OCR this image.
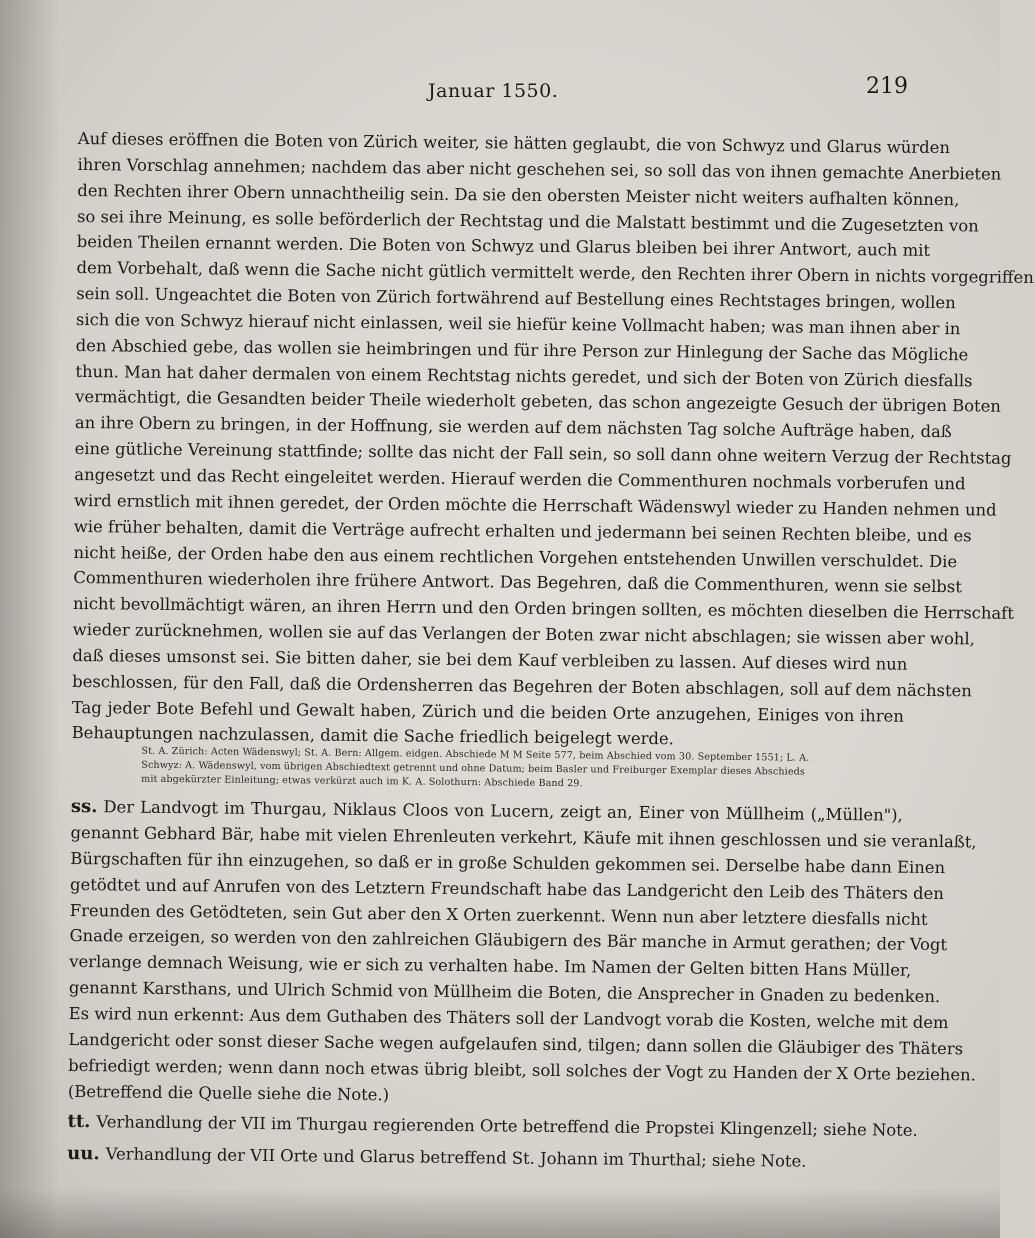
Januar 1550.	219
Auf dieses eröffnen die Boten von Zürich weiter, sie hätten geglaubt, die von Schwyz und Glarus würden
ihren Vorschlag annehmen; nachdem das aber nicht geschehen sei, so soll das von ihnen gemachte Anerbieten
den Rechten ihrer Obern unnachtheilig sein. Da sie den obersten Meister nicht weiters aufhalten können,
so sei ihre Meinung, es solle beförderlich der Rechtstag und die Malstatt bestimmt und die Zugesetzten von
beiden Theilen ernannt werden. Die Boten von Schwyz und Glarus bleiben bei ihrer Antwort, auch mit
dem Vorbehalt, daß wenn die Sache nicht gütlich vermittelt werde, den Rechten ihrer Obern in nichts vorgegriffen
sein soll. Ungeachtet die Boten von Zürich fortwährend auf Bestellung eines Rechtstages bringen, wollen
sich die von Schwyz hierauf nicht einlassen, weil sie hiefür keine Vollmacht haben; was man ihnen aber in
den Abschied gebe, das wollen sie heimbringen und für ihre Person zur Hinlegung der Sache das Mögliche
thun. Man hat daher dermalen von einem Rechtstag nichts geredet, und sich der Boten von Zürich diesfalls
vermächtigt, die Gesandten beider Theile wiederholt gebeten, das schon angezeigte Gesuch der übrigen Boten
an ihre Obern zu bringen, in der Hoffnung, sie werden auf dem nächsten Tag solche Aufträge haben, daß
eine gütliche Vereinung stattfinde; sollte das nicht der Fall sein, so soll dann ohne weitern Verzug der Rechtstag
angesetzt und das Recht eingeleitet werden. Hierauf werden die Commenthuren nochmals vorberufen und
wird ernstlich mit ihnen geredet, der Orden möchte die Herrschaft Wädenswyl wieder zu Handen nehmen und
wie früher behalten, damit die Verträge aufrecht erhalten und jedermann bei seinen Rechten bleibe, und es
nicht heiße, der Orden habe den aus einem rechtlichen Vorgehen entstehenden Unwillen verschuldet. Die
Commenthuren wiederholen ihre frühere Antwort. Das Begehren, daß die Commenthuren, wenn sie selbst
nicht bevollmächtigt wären, an ihren Herrn und den Orden bringen sollten, es möchten dieselben die Herrschaft
wieder zurücknehmen, wollen sie auf das Verlangen der Boten zwar nicht abschlagen; sie wissen aber wohl,
daß dieses umsonst sei. Sie bitten daher, sie bei dem Kauf verbleiben zu lassen. Auf dieses wird nun
beschlossen, für den Fall, daß die Ordensherren das Begehren der Boten abschlagen, soll auf dem nächsten
Tag jeder Bote Befehl und Gewalt haben, Zürich und die beiden Orte anzugehen, Einiges von ihren
Behauptungen nachzulassen, damit die Sache friedlich beigelegt werde.
St. A. Zürich: Acten Wädenswyl; St. A. Bern: Allgem. eidgen. Abschiede M M Seite 577, beim Abschied vom 30. September 1551; L. A.
Schwyz: A. Wädenswyl, vom übrigen Abschiedtext getrennt und ohne Datum; beim Basler und Freiburger Exemplar dieses Abschieds
mit abgekürzter Einleitung; etwas verkürzt auch im K. A. Solothurn: Abschiede Band 29.
ss. Der Landvogt im Thurgau, Niklaus Cloos von Lucern, zeigt an, Einer von Müllheim („Müllen"),
genannt Gebhard Bär, habe mit vielen Ehrenleuten verkehrt, Käufe mit ihnen geschlossen und sie veranlaßt,
Bürgschaften für ihn einzugehen, so daß er in große Schulden gekommen sei. Derselbe habe dann Einen
getödtet und auf Anrufen von des Letztern Freundschaft habe das Landgericht den Leib des Thäters den
Freunden des Getödteten, sein Gut aber den X Orten zuerkennt. Wenn nun aber letztere diesfalls nicht
Gnade erzeigen, so werden von den zahlreichen Gläubigern des Bär manche in Armut gerathen; der Vogt
verlange demnach Weisung, wie er sich zu verhalten habe. Im Namen der Gelten bitten Hans Müller,
genannt Karsthans, und Ulrich Schmid von Müllheim die Boten, die Ansprecher in Gnaden zu bedenken.
Es wird nun erkennt: Aus dem Guthaben des Thäters soll der Landvogt vorab die Kosten, welche mit dem
Landgericht oder sonst dieser Sache wegen aufgelaufen sind, tilgen; dann sollen die Gläubiger des Thäters
befriedigt werden; wenn dann noch etwas übrig bleibt, soll solches der Vogt zu Handen der X Orte beziehen.
(Betreffend die Quelle siehe die Note.)
tt. Verhandlung der VII im Thurgau regierenden Orte betreffend die Propstei Klingenzell; siehe Note.
uu. Verhandlung der VII Orte und Glarus betreffend St. Johann im Thurthal; siehe Note.
